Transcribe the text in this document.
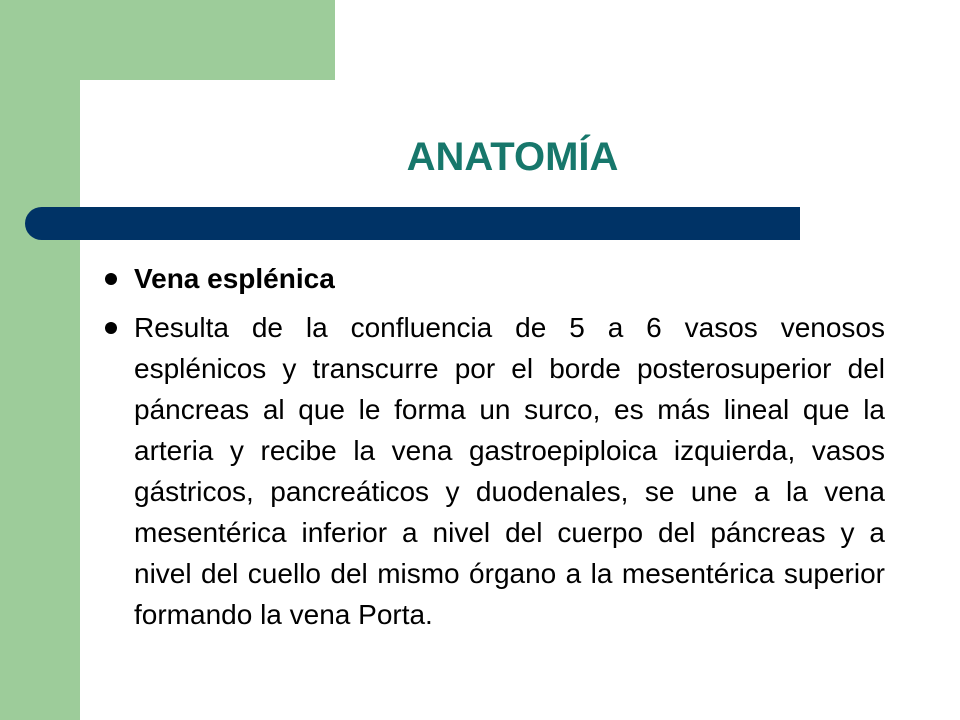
ANATOMÍA
Vena esplénica
Resulta de la confluencia de 5 a 6 vasos venosos esplénicos y transcurre por el borde posterosuperior del páncreas al que le forma un surco, es más lineal que la arteria y recibe la vena gastroepiploica izquierda, vasos gástricos, pancreáticos y duodenales, se une a la vena mesentérica inferior a nivel del cuerpo del páncreas y a nivel del cuello del mismo órgano a la mesentérica superior formando la vena Porta.
